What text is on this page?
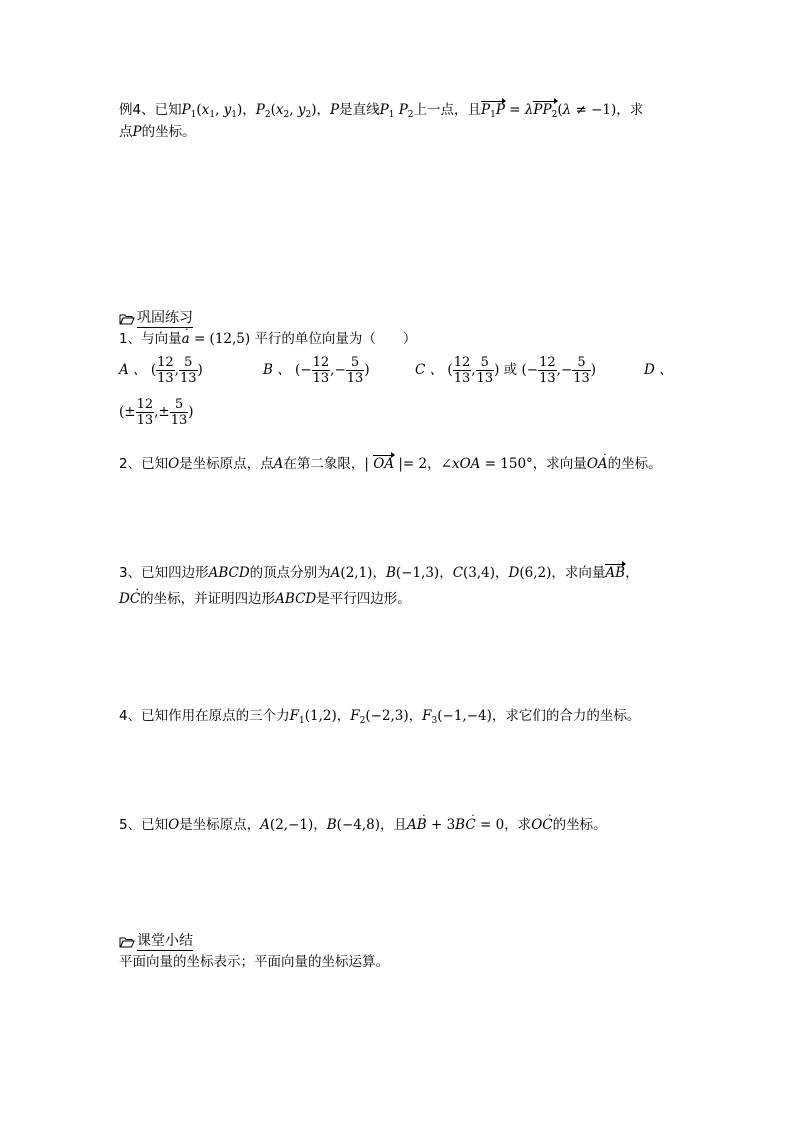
例4、已知$P_1(x_1$, $y_1$)，$P_2(x_2$, $y_2$)，P是直线$P_1$ $P_2$上一点，且$P_1P = \lambda PP_2(\lambda \ne -1)$，求
点P的坐标。
巩固练习
1、与向量a · = (12,5) 平行的单位向量为（　　）
A 、 ( $\frac{12}{13}$ , $\frac{5}{13}$ )	B 、 (− $\frac{12}{13}$ ,− $\frac{5}{13}$ )	C 、 ( $\frac{12}{13}$ , $\frac{5}{13}$ ) 或 (− $\frac{12}{13}$ ,− $\frac{5}{13}$ )	D 、
(± $\frac{12}{13}$ ,± $\frac{5}{13}$ )
2、已知O是坐标原点，点A在第二象限，| OA |= 2，∠xOA = 150°，求向量OA ·的坐标。
3、已知四边形ABCD的顶点分别为A(2,1)，B(−1,3)，C(3,4)，D(6,2)，求向量AB，
DC ·的坐标，并证明四边形ABCD是平行四边形。
4、已知作用在原点的三个力$F_1(1,2)$，$F_2(-2,3)$，$F_3(-1,-4)$，求它们的合力的坐标。
5、已知O是坐标原点，A(2,−1)，B(−4,8)，且AB · + 3BC · = 0，求OC ·的坐标。
课堂小结
平面向量的坐标表示；平面向量的坐标运算。
